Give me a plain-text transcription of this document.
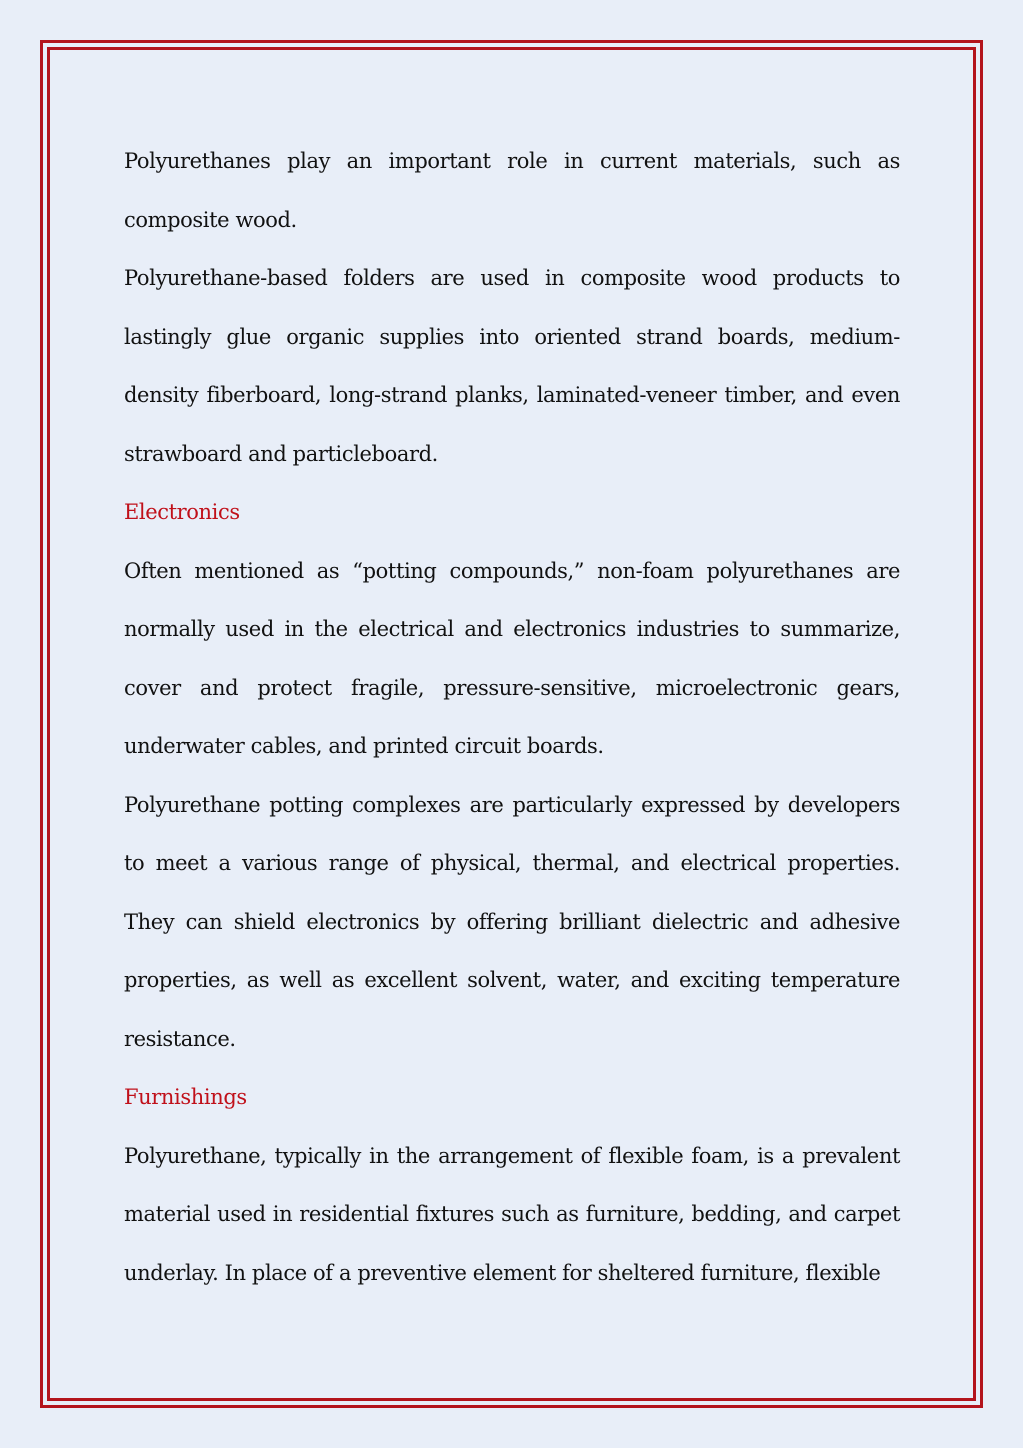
Polyurethanes play an important role in current materials, such as composite wood.

Polyurethane-based folders are used in composite wood products to lastingly glue organic supplies into oriented strand boards, medium-density fiberboard, long-strand planks, laminated-veneer timber, and even strawboard and particleboard.

Electronics

Often mentioned as “potting compounds,” non-foam polyurethanes are normally used in the electrical and electronics industries to summarize, cover and protect fragile, pressure-sensitive, microelectronic gears, underwater cables, and printed circuit boards.

Polyurethane potting complexes are particularly expressed by developers to meet a various range of physical, thermal, and electrical properties. They can shield electronics by offering brilliant dielectric and adhesive properties, as well as excellent solvent, water, and exciting temperature resistance.

Furnishings

Polyurethane, typically in the arrangement of flexible foam, is a prevalent material used in residential fixtures such as furniture, bedding, and carpet underlay. In place of a preventive element for sheltered furniture, flexible
